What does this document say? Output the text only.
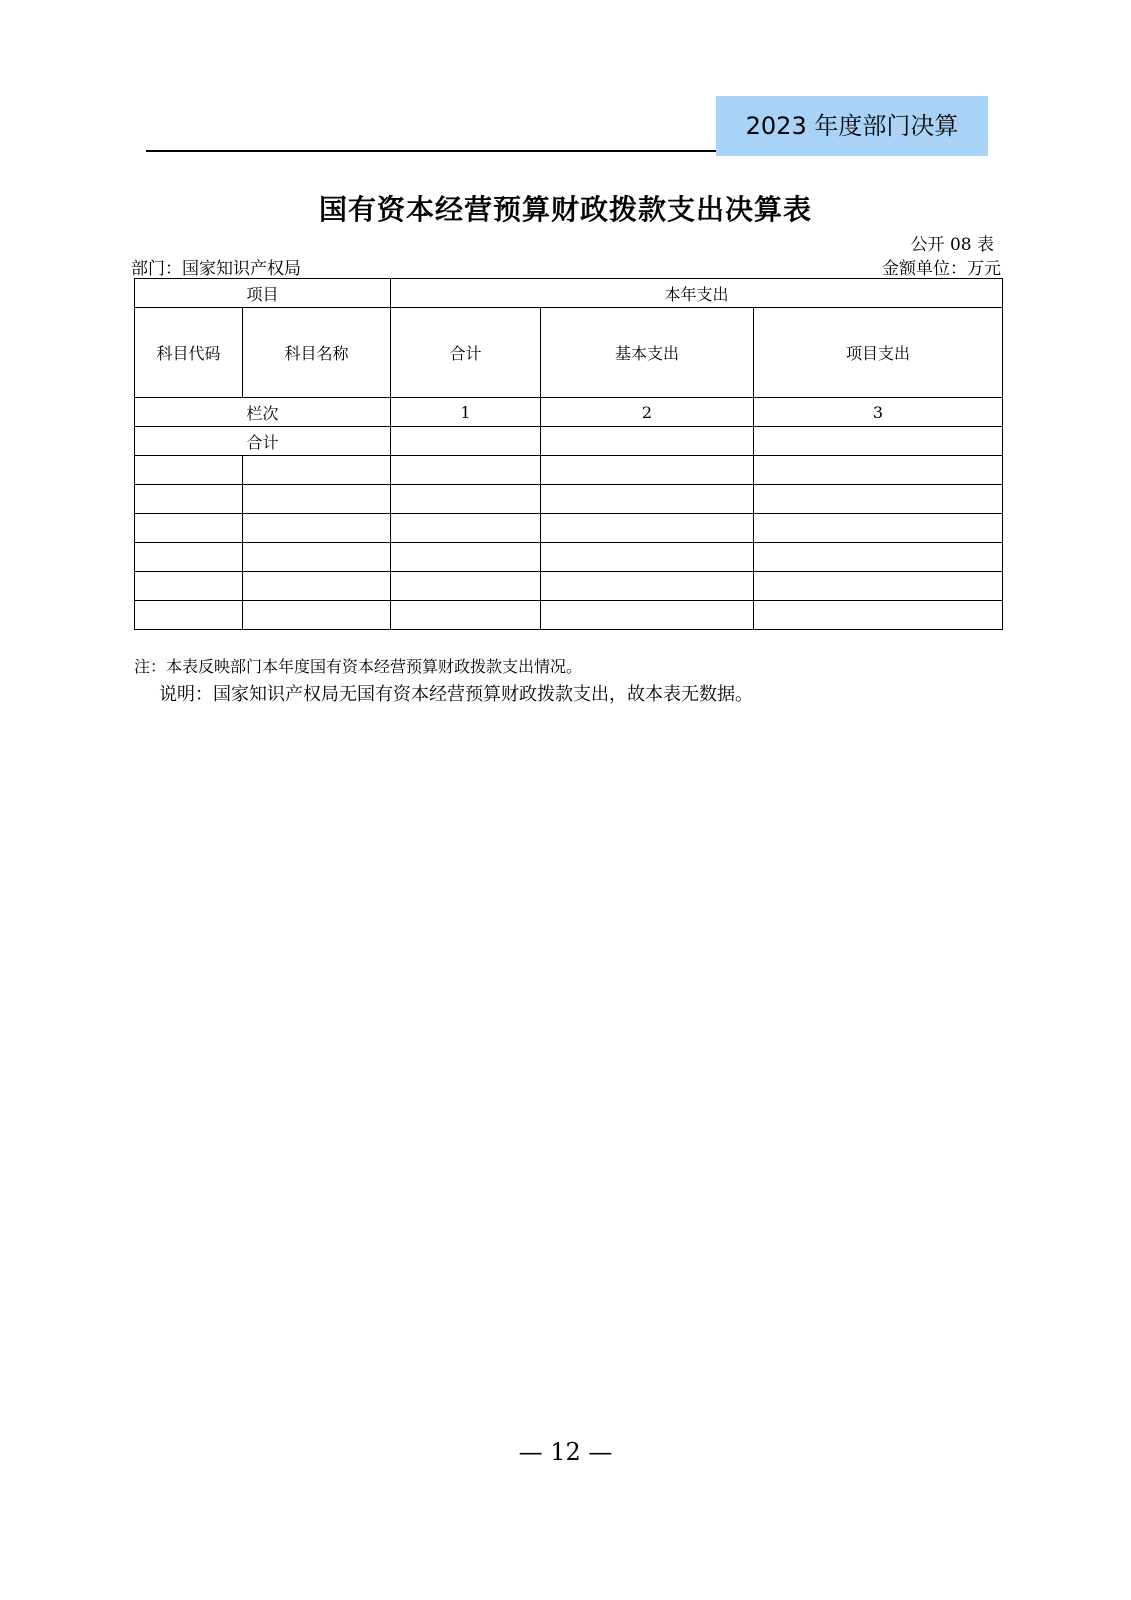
2023 年度部门决算
国有资本经营预算财政拨款支出决算表
公开 08 表
部门：国家知识产权局	金额单位：万元
项目		本年支出		
科目代码	科目名称	合计	基本支出	项目支出
栏次		1	2	3
合计				

注：本表反映部门本年度国有资本经营预算财政拨款支出情况。
说明：国家知识产权局无国有资本经营预算财政拨款支出，故本表无数据。
— 12 —
